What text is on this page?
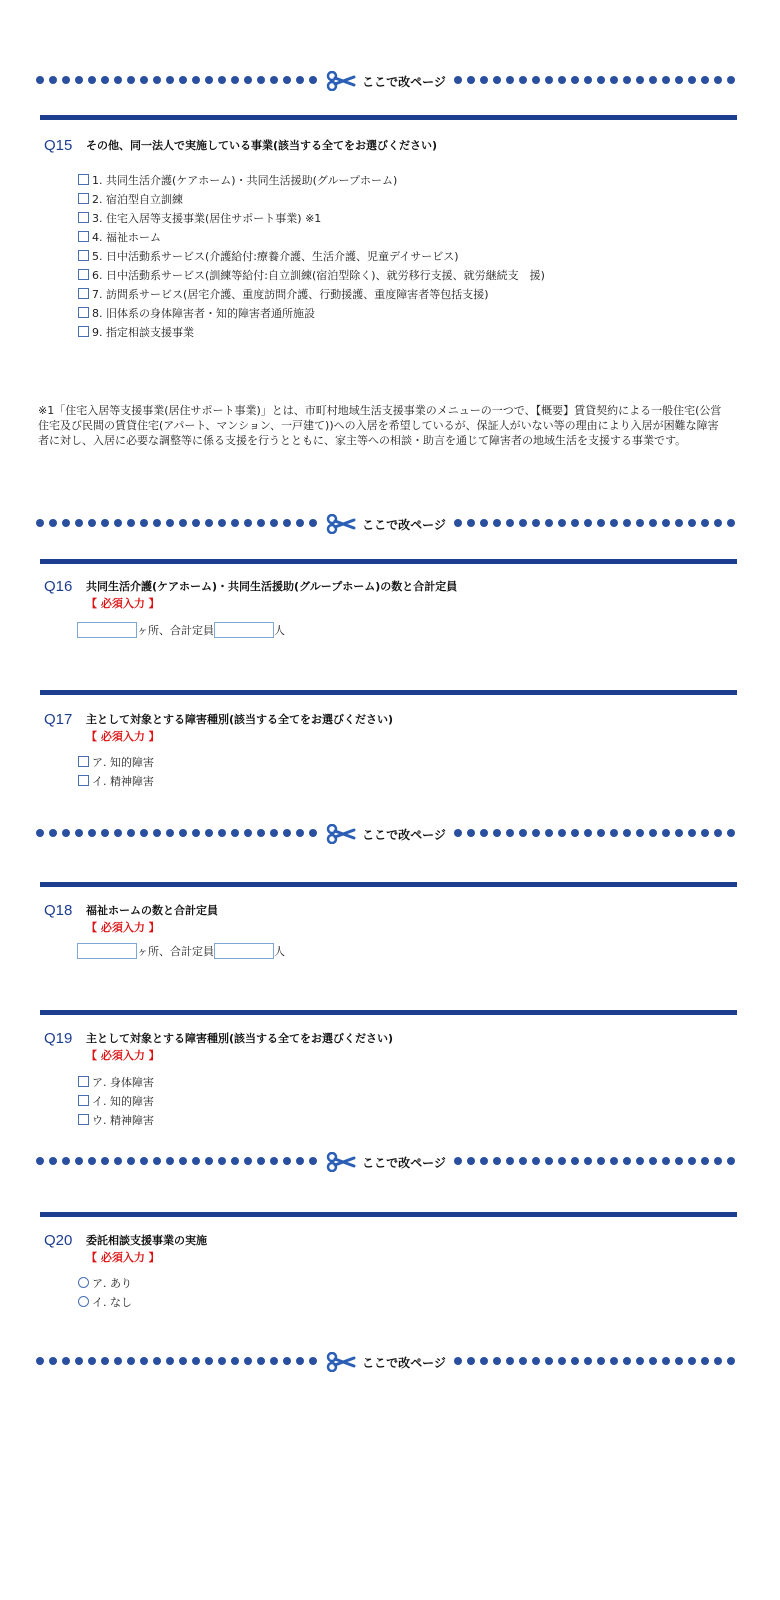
ここで改ページ
Q15	その他、同一法人で実施している事業(該当する全てをお選びください)
1. 共同生活介護(ケアホーム)・共同生活援助(グループホーム)
2. 宿泊型自立訓練
3. 住宅入居等支援事業(居住サポート事業) ※1
4. 福祉ホーム
5. 日中活動系サービス(介護給付:療養介護、生活介護、児童デイサービス)
6. 日中活動系サービス(訓練等給付:自立訓練(宿泊型除く)、就労移行支援、就労継続支　援)
7. 訪問系サービス(居宅介護、重度訪問介護、行動援護、重度障害者等包括支援)
8. 旧体系の身体障害者・知的障害者通所施設
9. 指定相談支援事業
※1「住宅入居等支援事業(居住サポート事業)」とは、市町村地域生活支援事業のメニューの一つで、【概要】賃貸契約による一般住宅(公営住宅及び民間の賃貸住宅(アパート、マンション、一戸建て))への入居を希望しているが、保証人がいない等の理由により入居が困難な障害者に対し、入居に必要な調整等に係る支援を行うとともに、家主等への相談・助言を通じて障害者の地域生活を支援する事業です。
ここで改ページ
Q16	共同生活介護(ケアホーム)・共同生活援助(グループホーム)の数と合計定員
【 必須入力 】
ヶ所、合計定員	人
Q17	主として対象とする障害種別(該当する全てをお選びください)
【 必須入力 】
ア. 知的障害
イ. 精神障害
ここで改ページ
Q18	福祉ホームの数と合計定員
【 必須入力 】
ヶ所、合計定員	人
Q19	主として対象とする障害種別(該当する全てをお選びください)
【 必須入力 】
ア. 身体障害
イ. 知的障害
ウ. 精神障害
ここで改ページ
Q20	委託相談支援事業の実施
【 必須入力 】
ア. あり
イ. なし
ここで改ページ
